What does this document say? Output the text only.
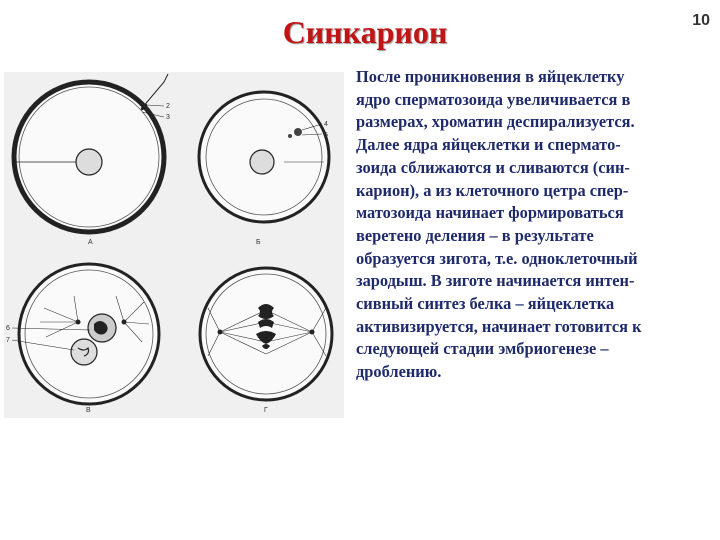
Синкарион	10
2
3
А
4
5
Б
6
7
В	Г
После проникновения в яйцеклетку
ядро сперматозоида увеличивается в
размерах, хроматин деспирализуется.
Далее ядра яйцеклетки и спермато-
зоида сближаются и сливаются (син-
карион), а из клеточного цетра спер-
матозоида начинает формироваться
веретено деления – в результате
образуется зигота, т.е. одноклеточный
зародыш. В зиготе начинается интен-
сивный синтез белка – яйцеклетка
активизируется, начинает готовится к
следующей стадии эмбриогенезе –
дроблению.
